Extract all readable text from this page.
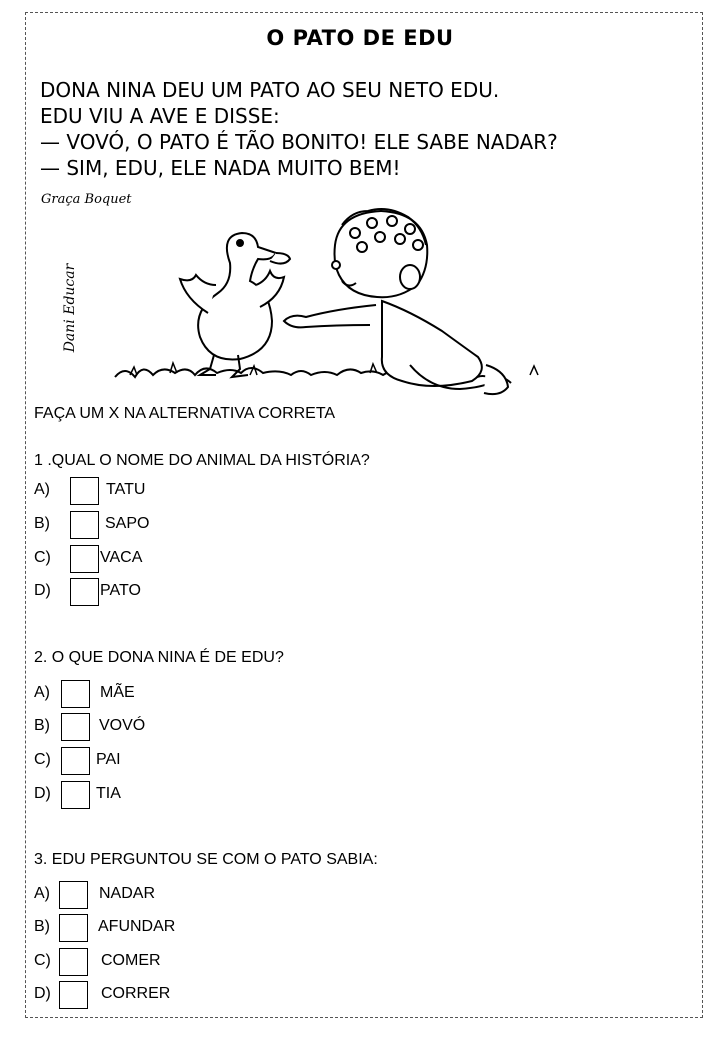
O PATO DE EDU
DONA NINA DEU UM PATO AO SEU NETO EDU.
EDU VIU A AVE E DISSE:
— VOVÓ, O PATO É TÃO BONITO! ELE SABE NADAR?
— SIM, EDU, ELE NADA MUITO BEM!
Graça Boquet
Dani Educar
FAÇA UM X NA ALTERNATIVA CORRETA
1 .QUAL O NOME DO ANIMAL DA HISTÓRIA?
A)	TATU
B)	SAPO
C)	VACA
D)	PATO
2. O QUE DONA NINA É DE EDU?
A)	MÃE
B)	VOVÓ
C)	PAI
D)	TIA
3. EDU PERGUNTOU SE COM O PATO SABIA:
A)	NADAR
B)	AFUNDAR
C)	COMER
D)	CORRER
